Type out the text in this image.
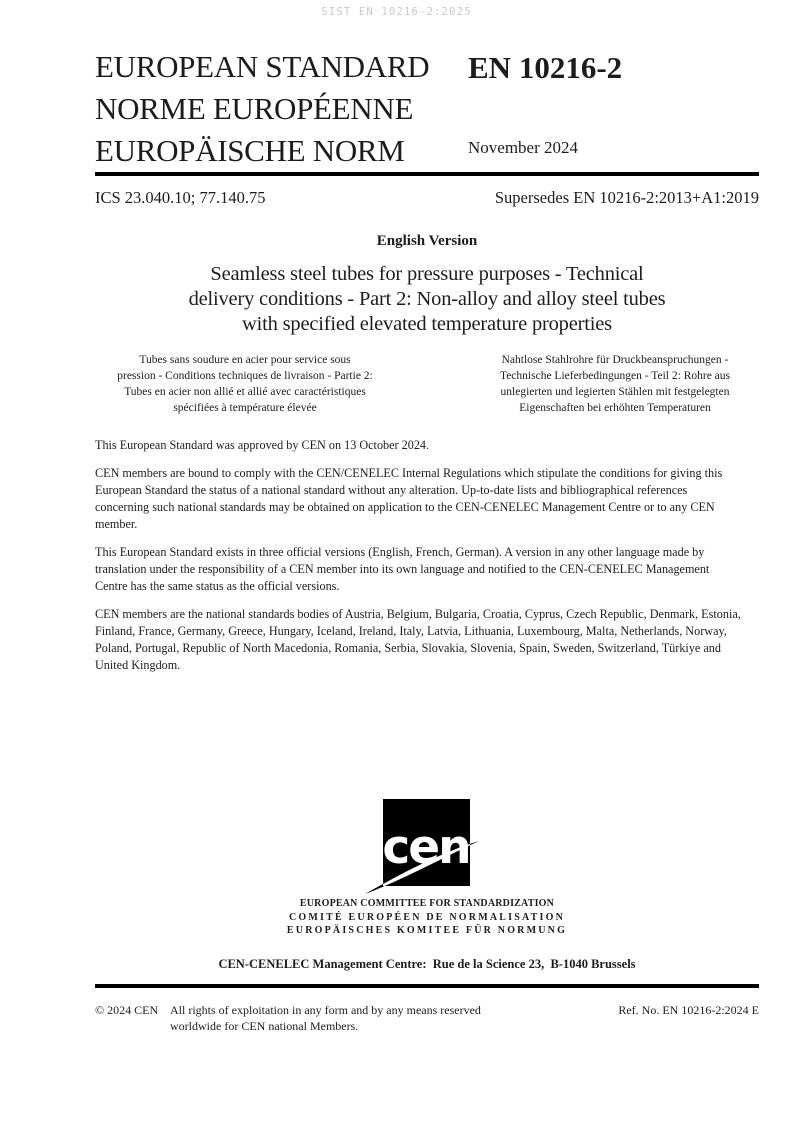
SIST EN 10216-2:2025
EUROPEAN STANDARD
NORME EUROPÉENNE
EUROPÄISCHE NORM
EN 10216-2
November 2024
ICS 23.040.10; 77.140.75	Supersedes EN 10216-2:2013+A1:2019
English Version
Seamless steel tubes for pressure purposes - Technical
delivery conditions - Part 2: Non-alloy and alloy steel tubes
with specified elevated temperature properties
Tubes sans soudure en acier pour service sous
pression - Conditions techniques de livraison - Partie 2:
Tubes en acier non allié et allié avec caractéristiques
spécifiées à température élevée
Nahtlose Stahlrohre für Druckbeanspruchungen -
Technische Lieferbedingungen - Teil 2: Rohre aus
unlegierten und legierten Stählen mit festgelegten
Eigenschaften bei erhöhten Temperaturen
This European Standard was approved by CEN on 13 October 2024.
CEN members are bound to comply with the CEN/CENELEC Internal Regulations which stipulate the conditions for giving this
European Standard the status of a national standard without any alteration. Up-to-date lists and bibliographical references
concerning such national standards may be obtained on application to the CEN-CENELEC Management Centre or to any CEN
member.
This European Standard exists in three official versions (English, French, German). A version in any other language made by
translation under the responsibility of a CEN member into its own language and notified to the CEN-CENELEC Management
Centre has the same status as the official versions.
CEN members are the national standards bodies of Austria, Belgium, Bulgaria, Croatia, Cyprus, Czech Republic, Denmark, Estonia,
Finland, France, Germany, Greece, Hungary, Iceland, Ireland, Italy, Latvia, Lithuania, Luxembourg, Malta, Netherlands, Norway,
Poland, Portugal, Republic of North Macedonia, Romania, Serbia, Slovakia, Slovenia, Spain, Sweden, Switzerland, Türkiye and
United Kingdom.
cen
EUROPEAN COMMITTEE FOR STANDARDIZATION
COMITÉ EUROPÉEN DE NORMALISATION
EUROPÄISCHES KOMITEE FÜR NORMUNG
CEN-CENELEC Management Centre:  Rue de la Science 23,  B-1040 Brussels
© 2024 CEN All rights of exploitation in any form and by any means reserved
worldwide for CEN national Members.
Ref. No. EN 10216-2:2024 E
